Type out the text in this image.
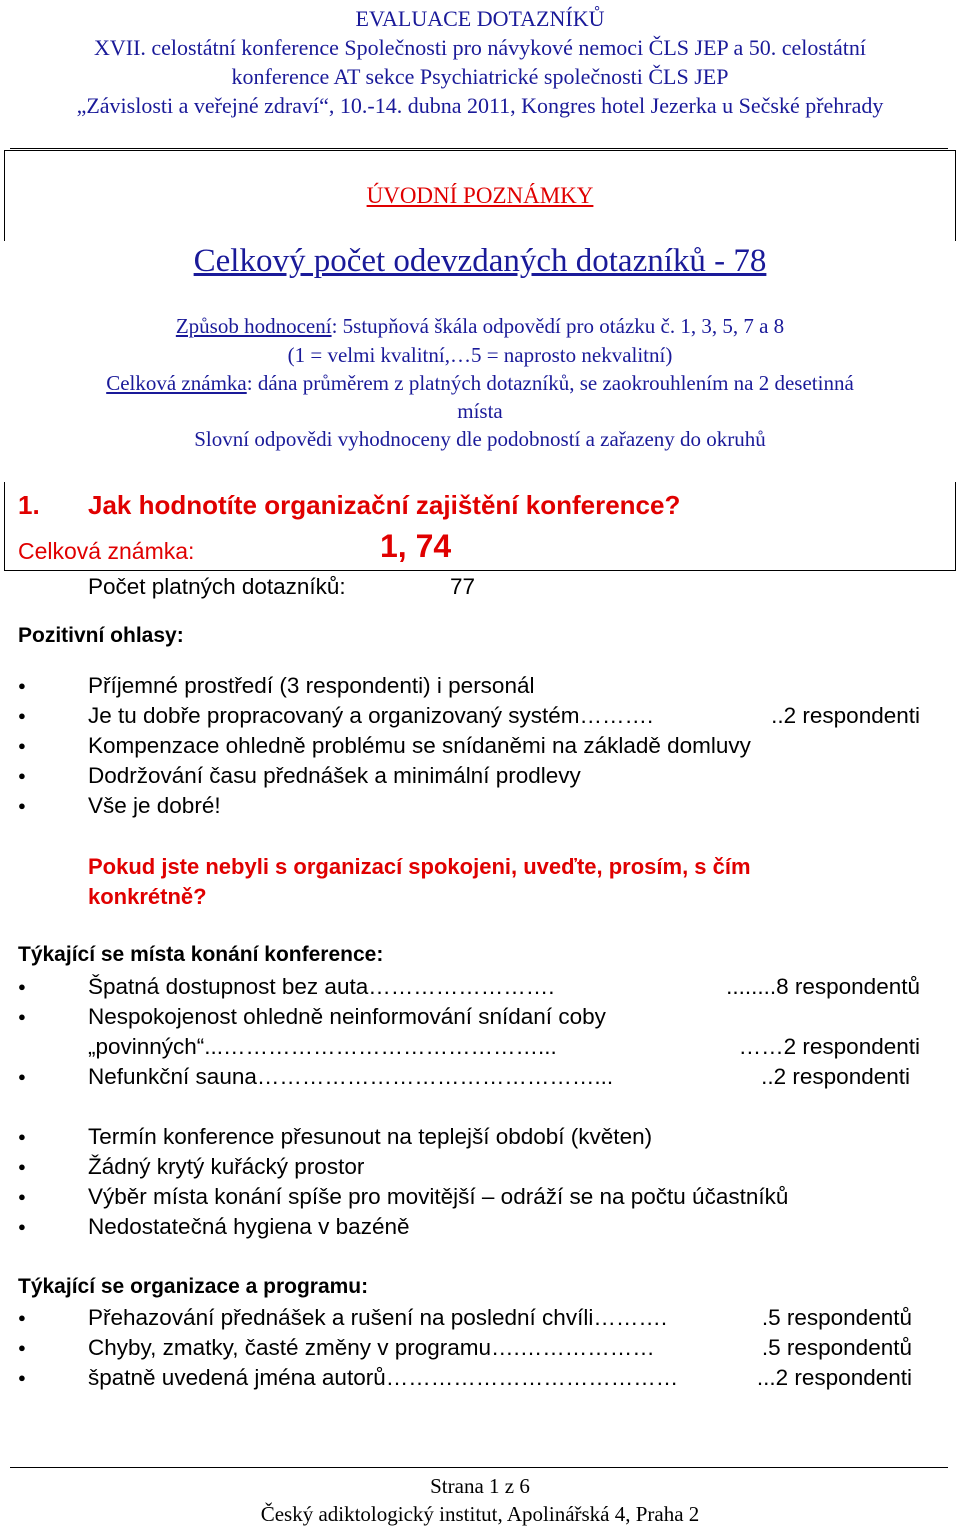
EVALUACE DOTAZNÍKŮ
XVII. celostátní konference Společnosti pro návykové nemoci ČLS JEP a 50. celostátní
konference AT sekce Psychiatrické společnosti ČLS JEP
„Závislosti a veřejné zdraví“, 10.-14. dubna 2011, Kongres hotel Jezerka u Sečské přehrady
ÚVODNÍ POZNÁMKY
Celkový počet odevzdaných dotazníků - 78
Způsob hodnocení: 5stupňová škála odpovědí pro otázku č. 1, 3, 5, 7 a 8
(1 = velmi kvalitní,…5 = naprosto nekvalitní)
Celková známka: dána průměrem z platných dotazníků, se zaokrouhlením na 2 desetinná
místa
Slovní odpovědi vyhodnoceny dle podobností a zařazeny do okruhů
1. Jak hodnotíte organizační zajištění konference?
Celková známka:	1, 74
Počet platných dotazníků:	77
Pozitivní ohlasy:
● Příjemné prostředí (3 respondenti) i personál
● Je tu dobře propracovaný a organizovaný systém……….	..2 respondenti
● Kompenzace ohledně problému se snídaněmi na základě domluvy
● Dodržování času přednášek a minimální prodlevy
● Vše je dobré!
Pokud jste nebyli s organizací spokojeni, uveďte, prosím, s čím
konkrétně?
Týkající se místa konání konference:
● Špatná dostupnost bez auta…………………….	........8 respondentů
● Nespokojenost ohledně neinformování snídaní coby
„povinných“...……………………………………...	……2 respondenti
● Nefunkční sauna………………………………………...	..2 respondenti
● Termín konference přesunout na teplejší období (květen)
● Žádný krytý kuřácký prostor
● Výběr místa konání spíše pro movitější – odráží se na počtu účastníků
● Nedostatečná hygiena v bazéně
Týkající se organizace a programu:
● Přehazování přednášek a rušení na poslední chvíli……….	.5 respondentů
● Chyby, zmatky, časté změny v programu….………………	.5 respondentů
● špatně uvedená jména autorů…………………………………	...2 respondenti
Strana 1 z 6
Český adiktologický institut, Apolinářská 4, Praha 2
